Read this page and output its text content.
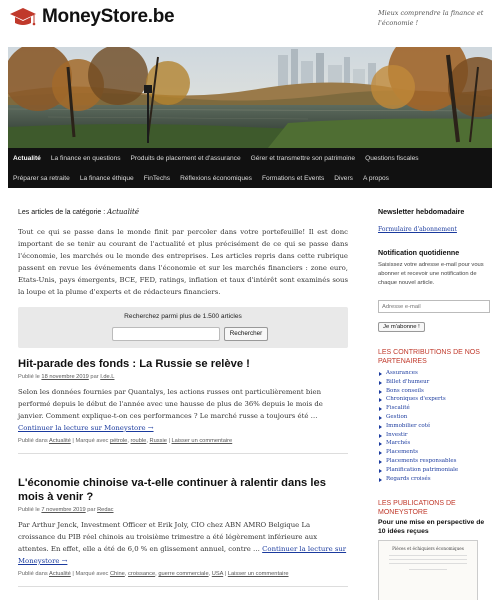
MoneyStore.be	Mieux comprendre la finance et l'économie !
Actualité	La finance en questions	Produits de placement et d'assurance	Gérer et transmettre son patrimoine	Questions fiscales
Préparer sa retraite	La finance éthique	FinTechs	Réflexions économiques	Formations et Events	Divers	A propos
Les articles de la catégorie : Actualité

Tout ce qui se passe dans le monde finit par percoler dans votre portefeuille! Il est donc important de se tenir au courant de l'actualité et plus précisément de ce qui se passe dans l'économie, les marchés ou le monde des entreprises. Les articles repris dans cette rubrique passent en revue les événements dans l'économie et sur les marchés financiers : zone euro, Etats-Unis, pays émergents, BCE, FED, ratings, inflation et taux d'intérêt sont examinés sous la loupe et la plume d'experts et de rédacteurs financiers.

Recherchez parmi plus de 1.500 articles
Rechercher
Hit-parade des fonds : La Russie se relève !
Publié le 18 novembre 2019 par I.de.L

Selon les données fournies par Quantalys, les actions russes ont particulièrement bien performé depuis le début de l'année avec une hausse de plus de 36% depuis le mois de janvier. Comment explique-t-on ces performances ? Le marché russe a toujours été … Continuer la lecture sur Moneystore →

Publié dans Actualité | Marqué avec pétrole, rouble, Russie | Laisser un commentaire
L'économie chinoise va-t-elle continuer à ralentir dans les mois à venir ?
Publié le 7 novembre 2019 par Redac

Par Arthur Jenck, Investment Officer et Erik Joly, CIO chez ABN AMRO Belgique La croissance du PIB réel chinois au troisième trimestre a été légèrement inférieure aux attentes. En effet, elle a été de 6,0 % en glissement annuel, contre … Continuer la lecture sur Moneystore →

Publié dans Actualité | Marqué avec Chine, croissance, guerre commerciale, USA | Laisser un commentaire
Newsletter hebdomadaire
Formulaire d'abonnement
Notification quotidienne
Saisissez votre adresse e-mail pour vous abonner et recevoir une notification de chaque nouvel article.
Adresse e-mail Je m'abonne !
LES CONTRIBUTIONS DE NOS PARTENAIRES
Assurances
Billet d'humeur
Bons conseils
Chroniques d'experts
Fiscalité
Gestion
Immobilier coté
Investir
Marchés
Placements
Placements responsables
Planification patrimoniale
Regards croisés
LES PUBLICATIONS DE MONEYSTORE
Pour une mise en perspective de 10 idées reçues
Pièces et échiquiers économiques
